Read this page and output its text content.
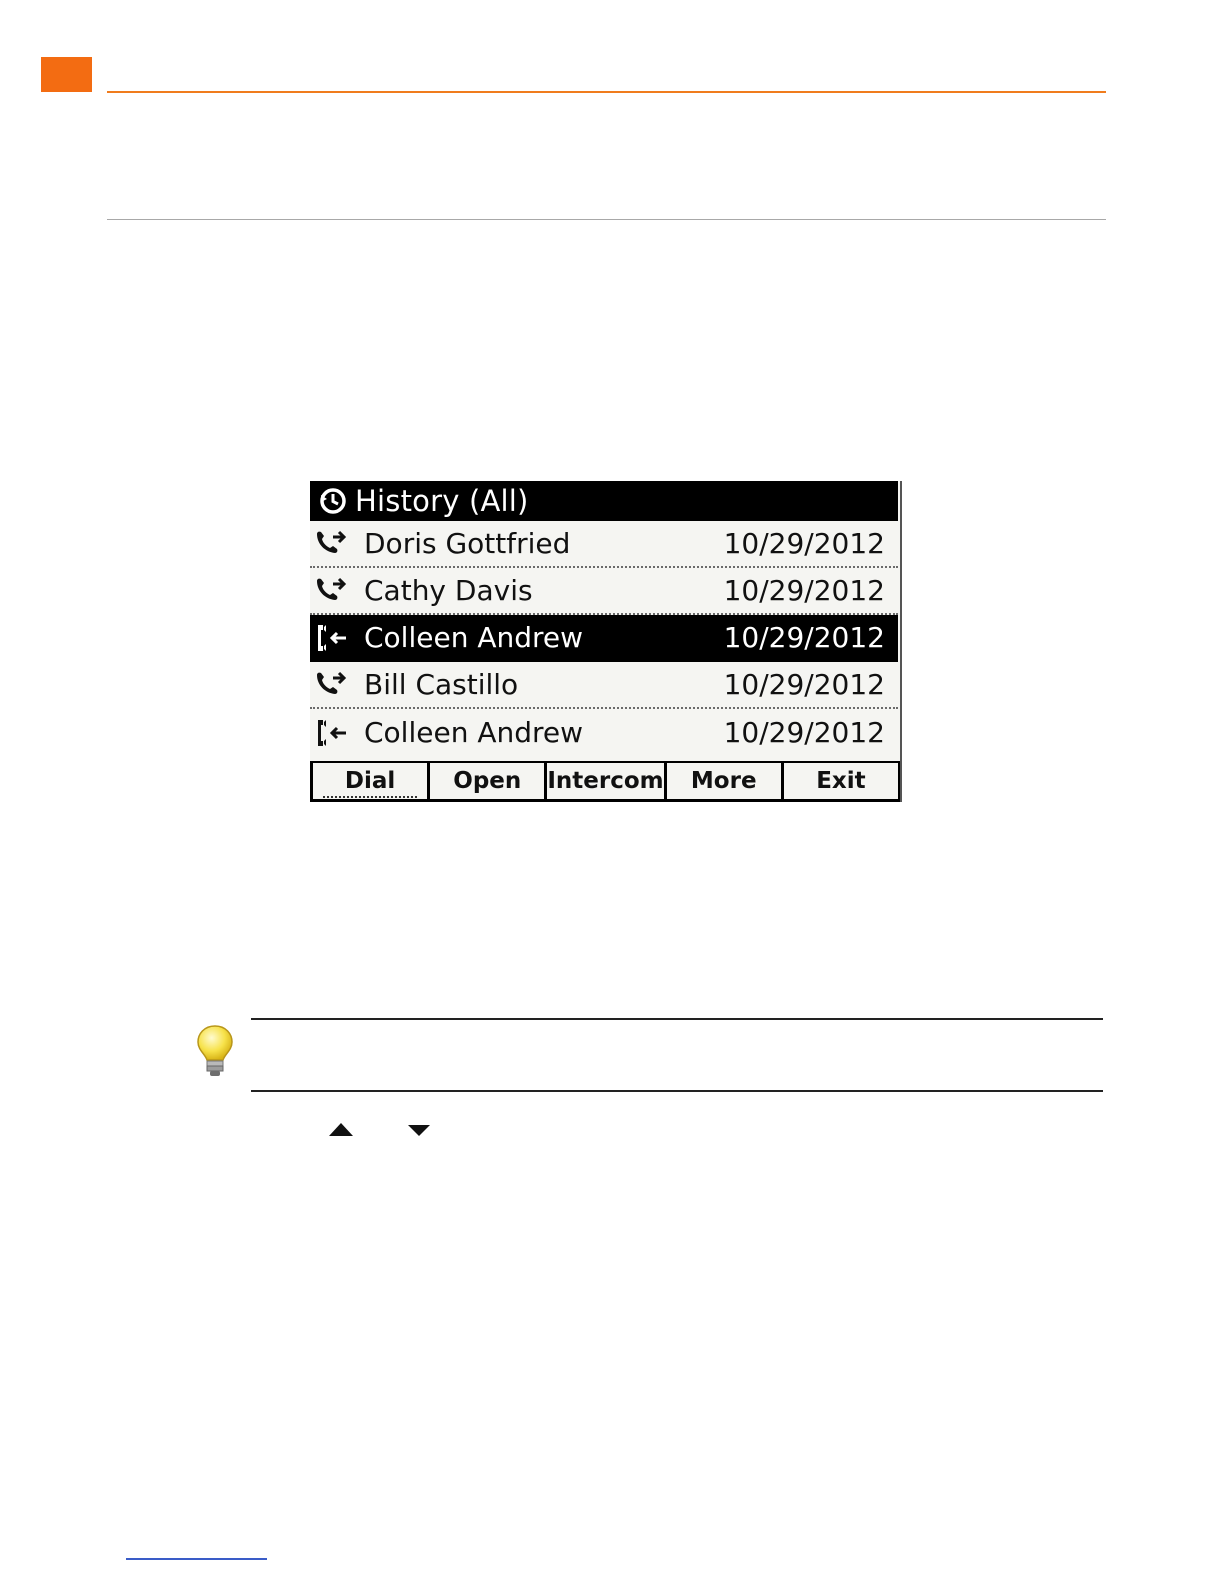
History (All)
Doris Gottfried	10/29/2012
Cathy Davis	10/29/2012
Colleen Andrew	10/29/2012
Bill Castillo	10/29/2012
Colleen Andrew	10/29/2012
Dial	Open	Intercom	More	Exit
